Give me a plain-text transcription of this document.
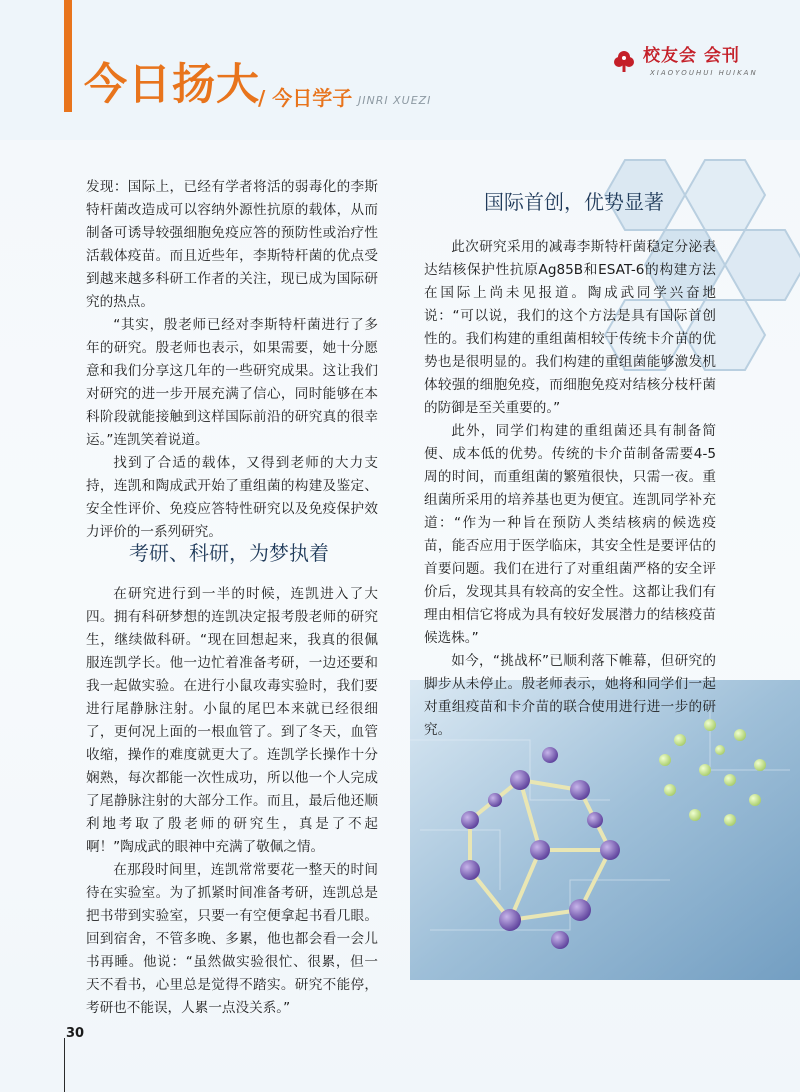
今日扬大
/ 今日学子 JINRI XUEZI
校友会 会刊
XIAOYOUHUI HUIKAN

发现：国际上，已经有学者将活的弱毒化的李斯特杆菌改造成可以容纳外源性抗原的载体，从而制备可诱导较强细胞免疫应答的预防性或治疗性活载体疫苗。而且近些年，李斯特杆菌的优点受到越来越多科研工作者的关注，现已成为国际研究的热点。

“其实，殷老师已经对李斯特杆菌进行了多年的研究。殷老师也表示，如果需要，她十分愿意和我们分享这几年的一些研究成果。这让我们对研究的进一步开展充满了信心，同时能够在本科阶段就能接触到这样国际前沿的研究真的很幸运。”连凯笑着说道。

找到了合适的载体，又得到老师的大力支持，连凯和陶成武开始了重组菌的构建及鉴定、安全性评价、免疫应答特性研究以及免疫保护效力评价的一系列研究。

考研、科研，为梦执着

在研究进行到一半的时候，连凯进入了大四。拥有科研梦想的连凯决定报考殷老师的研究生，继续做科研。“现在回想起来，我真的很佩服连凯学长。他一边忙着准备考研，一边还要和我一起做实验。在进行小鼠攻毒实验时，我们要进行尾静脉注射。小鼠的尾巴本来就已经很细了，更何况上面的一根血管了。到了冬天，血管收缩，操作的难度就更大了。连凯学长操作十分娴熟，每次都能一次性成功，所以他一个人完成了尾静脉注射的大部分工作。而且，最后他还顺利地考取了殷老师的研究生，真是了不起啊！”陶成武的眼神中充满了敬佩之情。

在那段时间里，连凯常常要花一整天的时间待在实验室。为了抓紧时间准备考研，连凯总是把书带到实验室，只要一有空便拿起书看几眼。回到宿舍，不管多晚、多累，他也都会看一会儿书再睡。他说：“虽然做实验很忙、很累，但一天不看书，心里总是觉得不踏实。研究不能停，考研也不能误，人累一点没关系。”

国际首创，优势显著

此次研究采用的减毒李斯特杆菌稳定分泌表达结核保护性抗原Ag85B和ESAT-6的构建方法在国际上尚未见报道。陶成武同学兴奋地说：“可以说，我们的这个方法是具有国际首创性的。我们构建的重组菌相较于传统卡介苗的优势也是很明显的。我们构建的重组菌能够激发机体较强的细胞免疫，而细胞免疫对结核分枝杆菌的防御是至关重要的。”

此外，同学们构建的重组菌还具有制备简便、成本低的优势。传统的卡介苗制备需要4-5周的时间，而重组菌的繁殖很快，只需一夜。重组菌所采用的培养基也更为便宜。连凯同学补充道：“作为一种旨在预防人类结核病的候选疫苗，能否应用于医学临床，其安全性是要评估的首要问题。我们在进行了对重组菌严格的安全评价后，发现其具有较高的安全性。这都让我们有理由相信它将成为具有较好发展潜力的结核疫苗候选株。”

如今，“挑战杯”已顺利落下帷幕，但研究的脚步从未停止。殷老师表示，她将和同学们一起对重组疫苗和卡介苗的联合使用进行进一步的研究。

30
